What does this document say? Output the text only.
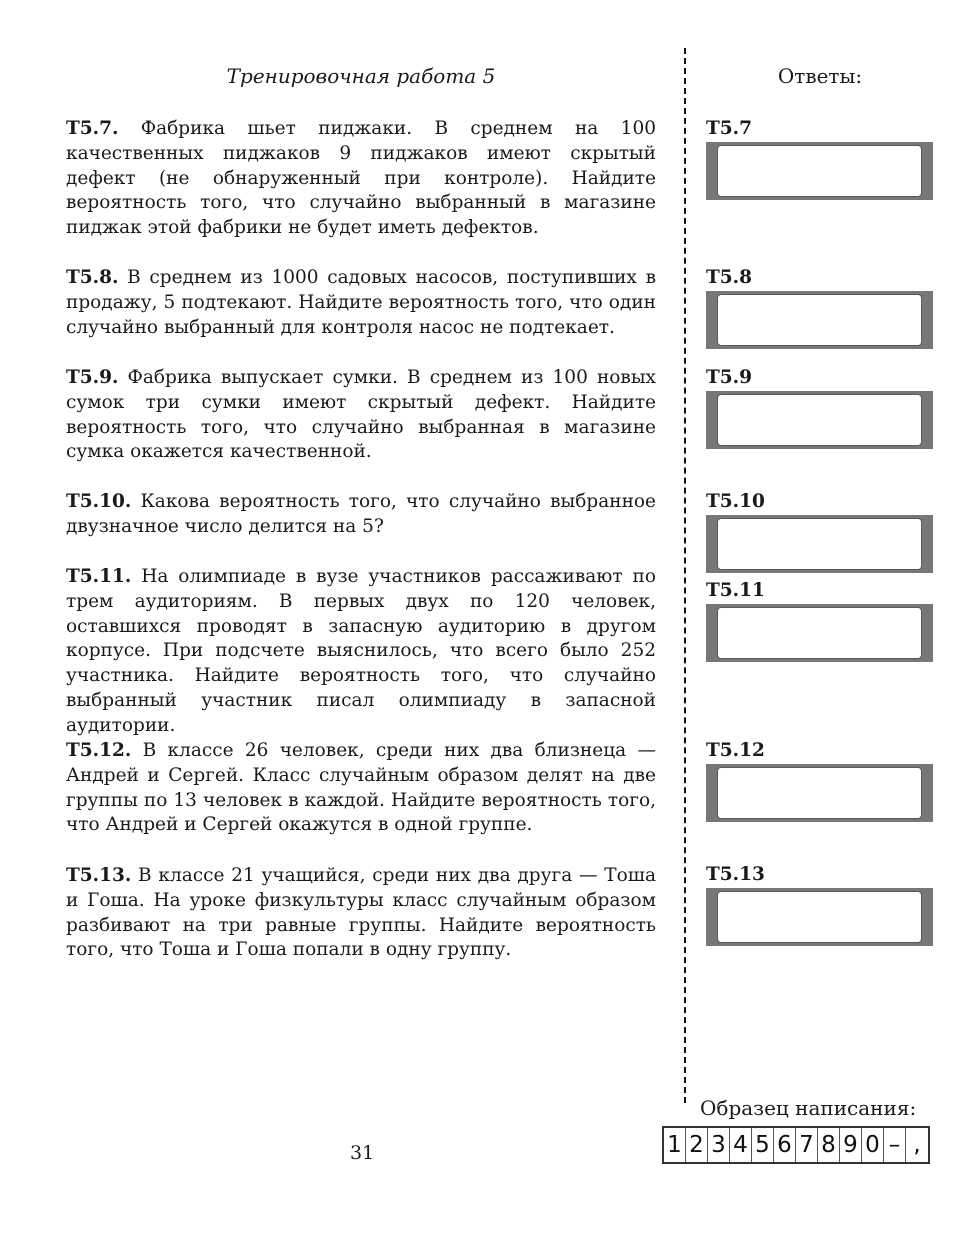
Тренировочная работа 5	Ответы:
Т5.7. Фабрика шьет пиджаки. В среднем на 100 качественных пиджаков 9 пиджаков имеют скрытый дефект (не обнаруженный при контроле). Найдите вероятность того, что случайно выбранный в магазине пиджак этой фабрики не будет иметь дефектов.
Т5.8. В среднем из 1000 садовых насосов, поступивших в продажу, 5 подтекают. Найдите вероятность того, что один случайно выбранный для контроля насос не подтекает.
Т5.9. Фабрика выпускает сумки. В среднем из 100 новых сумок три сумки имеют скрытый дефект. Найдите вероятность того, что случайно выбранная в магазине сумка окажется качественной.
Т5.10. Какова вероятность того, что случайно выбранное двузначное число делится на 5?
Т5.11. На олимпиаде в вузе участников рассаживают по трем аудиториям. В первых двух по 120 человек, оставшихся проводят в запасную аудиторию в другом корпусе. При подсчете выяснилось, что всего было 252 участника. Найдите вероятность того, что случайно выбранный участник писал олимпиаду в запасной аудитории.
Т5.12. В классе 26 человек, среди них два близнеца — Андрей и Сергей. Класс случайным образом делят на две группы по 13 человек в каждой. Найдите вероятность того, что Андрей и Сергей окажутся в одной группе.
Т5.13. В классе 21 учащийся, среди них два друга — Тоша и Гоша. На уроке физкультуры класс случайным образом разбивают на три равные группы. Найдите вероятность того, что Тоша и Гоша попали в одну группу.
Т5.7
Т5.8
Т5.9
Т5.10
Т5.11
Т5.12
Т5.13
Образец написания:
1 2 3 4 5 6 7 8 9 0 – ,
31
